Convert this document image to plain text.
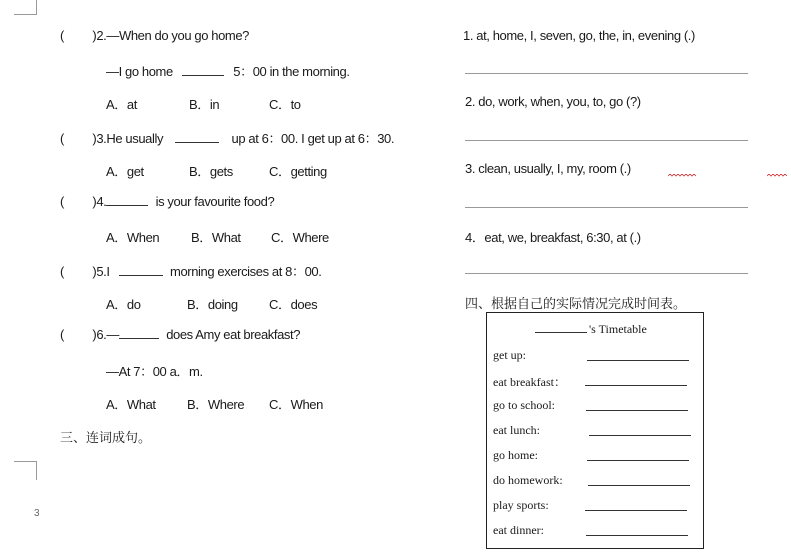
3
( )2.—When do you go home?
—I go home	5：00 in the morning.
A．at	B．in	C．to
( )3.He usually	up at 6：00. I get up at 6：30.
A．get	B．gets	C．getting
( )4.	is your favourite food?
A．When B．What C．Where
( )5.I	morning exercises at 8：00.
A．do	B．doing C．does
( )6.—	does Amy eat breakfast?
—At 7：00 a．m.
A．What B．Where C．When
三、连词成句。
1. at, home, I, seven, go, the, in, evening (.)
2. do, work, when, you, to, go (?)
3. clean, usually, I, my, room (.)
4．eat, we, breakfast, 6:30, at (.)
四、根据自己的实际情况完成时间表。
's Timetable
get up:
eat breakfast：
go to school:
eat lunch:
go home:
do homework:
play sports:
eat dinner:
